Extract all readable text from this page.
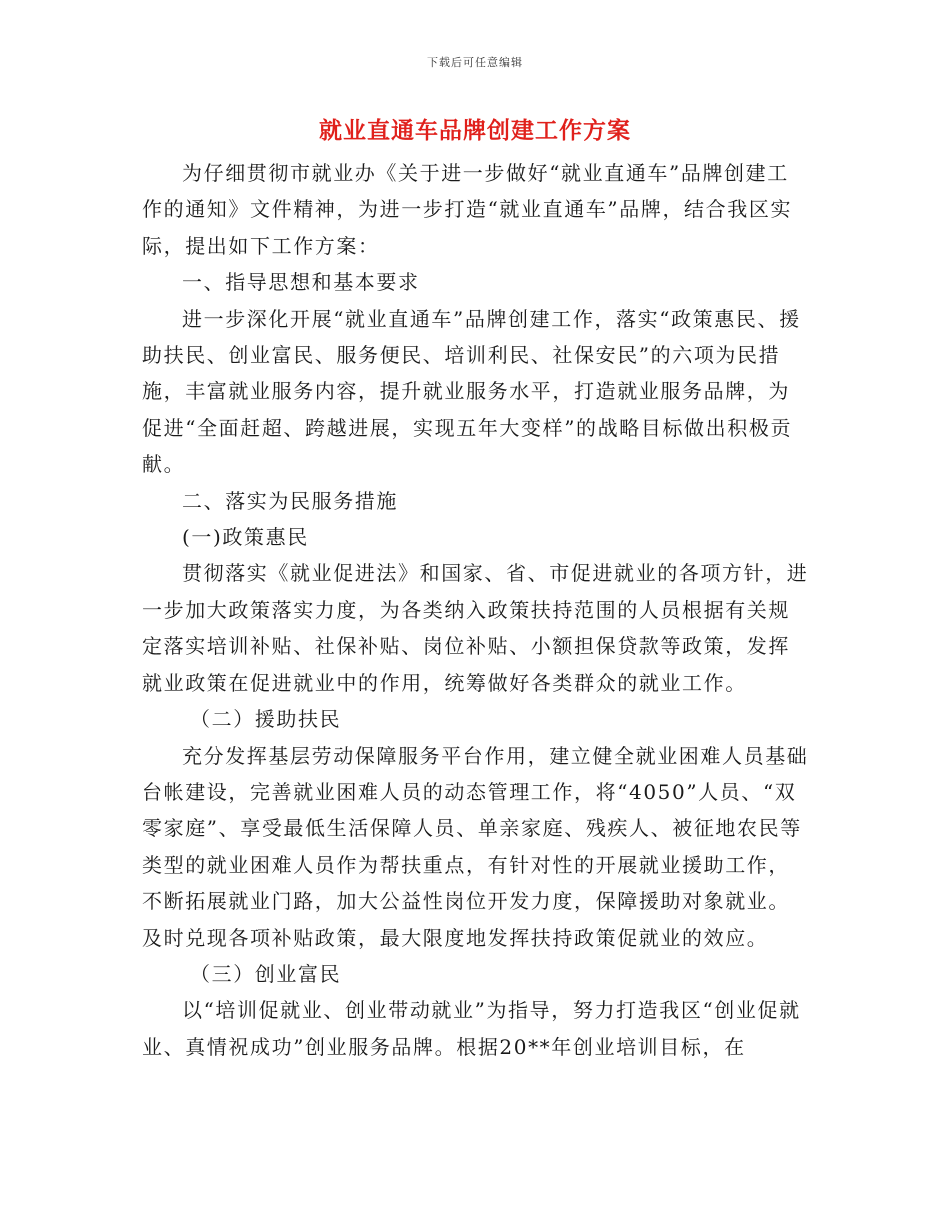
下载后可任意编辑
就业直通车品牌创建工作方案

为仔细贯彻市就业办《关于进一步做好“就业直通车”品牌创建工作的通知》文件精神，为进一步打造“就业直通车”品牌，结合我区实际，提出如下工作方案：

一、指导思想和基本要求

进一步深化开展“就业直通车”品牌创建工作，落实“政策惠民、援助扶民、创业富民、服务便民、培训利民、社保安民”的六项为民措施，丰富就业服务内容，提升就业服务水平，打造就业服务品牌，为促进“全面赶超、跨越进展，实现五年大变样”的战略目标做出积极贡献。

二、落实为民服务措施

(一)政策惠民

贯彻落实《就业促进法》和国家、省、市促进就业的各项方针，进一步加大政策落实力度，为各类纳入政策扶持范围的人员根据有关规定落实培训补贴、社保补贴、岗位补贴、小额担保贷款等政策，发挥就业政策在促进就业中的作用，统筹做好各类群众的就业工作。

（二）援助扶民

充分发挥基层劳动保障服务平台作用，建立健全就业困难人员基础台帐建设，完善就业困难人员的动态管理工作，将“4050”人员、“双零家庭”、享受最低生活保障人员、单亲家庭、残疾人、被征地农民等类型的就业困难人员作为帮扶重点，有针对性的开展就业援助工作，不断拓展就业门路，加大公益性岗位开发力度，保障援助对象就业。及时兑现各项补贴政策，最大限度地发挥扶持政策促就业的效应。

（三）创业富民

以“培训促就业、创业带动就业”为指导，努力打造我区“创业促就业、真情祝成功”创业服务品牌。根据20**年创业培训目标，在
